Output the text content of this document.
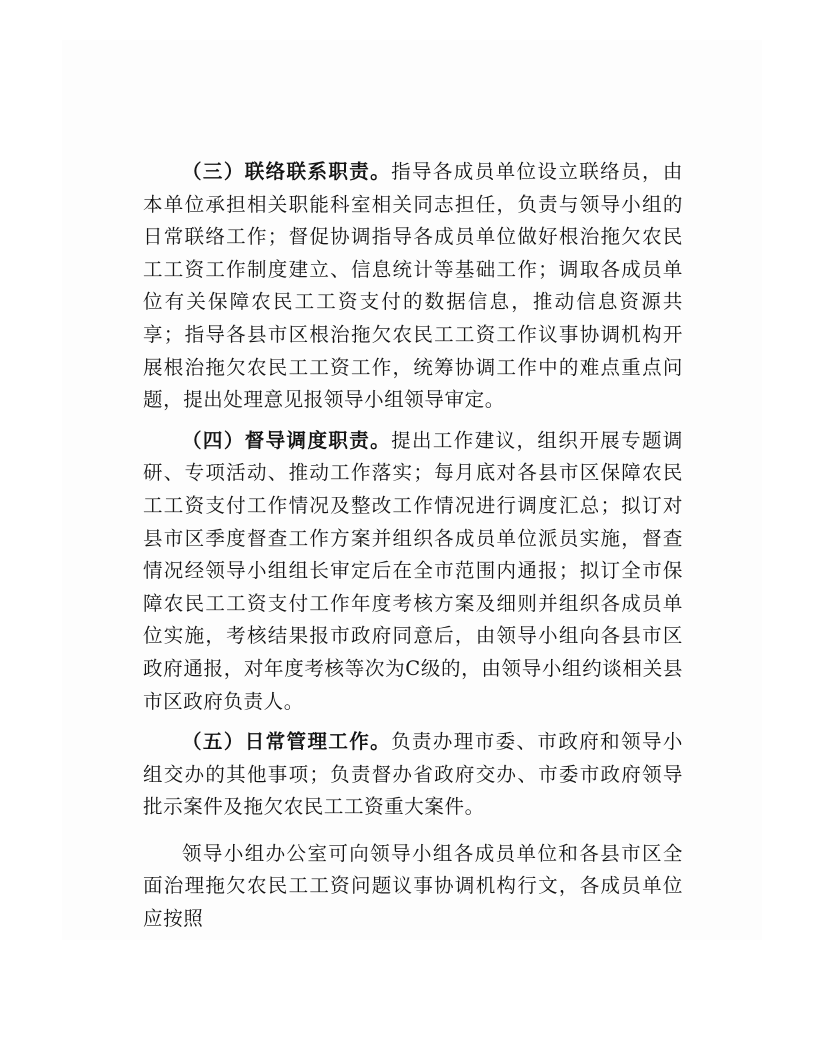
（三）联络联系职责。指导各成员单位设立联络员，由本单位承担相关职能科室相关同志担任，负责与领导小组的日常联络工作；督促协调指导各成员单位做好根治拖欠农民工工资工作制度建立、信息统计等基础工作；调取各成员单位有关保障农民工工资支付的数据信息，推动信息资源共享；指导各县市区根治拖欠农民工工资工作议事协调机构开展根治拖欠农民工工资工作，统筹协调工作中的难点重点问题，提出处理意见报领导小组领导审定。

（四）督导调度职责。提出工作建议，组织开展专题调研、专项活动、推动工作落实；每月底对各县市区保障农民工工资支付工作情况及整改工作情况进行调度汇总；拟订对县市区季度督查工作方案并组织各成员单位派员实施，督查情况经领导小组组长审定后在全市范围内通报；拟订全市保障农民工工资支付工作年度考核方案及细则并组织各成员单位实施，考核结果报市政府同意后，由领导小组向各县市区政府通报，对年度考核等次为C级的，由领导小组约谈相关县市区政府负责人。

（五）日常管理工作。负责办理市委、市政府和领导小组交办的其他事项；负责督办省政府交办、市委市政府领导批示案件及拖欠农民工工资重大案件。

领导小组办公室可向领导小组各成员单位和各县市区全面治理拖欠农民工工资问题议事协调机构行文，各成员单位应按照
